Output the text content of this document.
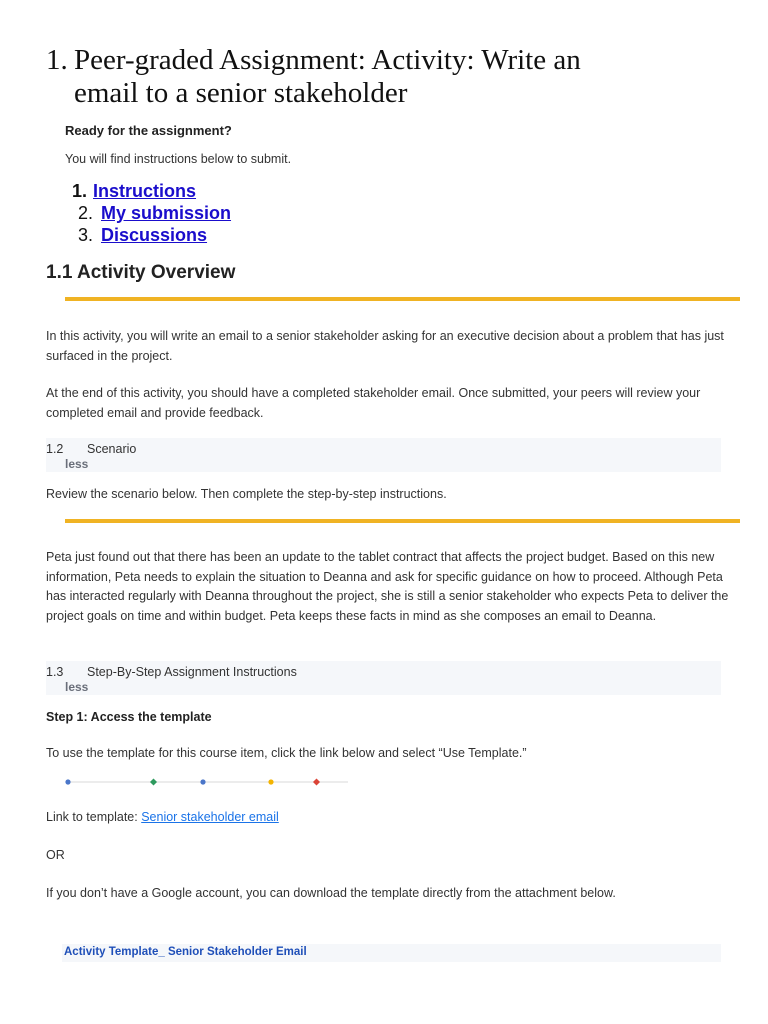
1. Peer-graded Assignment: Activity: Write an
email to a senior stakeholder
Ready for the assignment?
You will find instructions below to submit.
1. Instructions
2. My submission
3. Discussions
1.1 Activity Overview
In this activity, you will write an email to a senior stakeholder asking for an executive decision about a problem that has just surfaced in the project.
At the end of this activity, you should have a completed stakeholder email. Once submitted, your peers will review your completed email and provide feedback.
1.2 Scenario
less
Review the scenario below. Then complete the step-by-step instructions.
Peta just found out that there has been an update to the tablet contract that affects the project budget. Based on this new information, Peta needs to explain the situation to Deanna and ask for specific guidance on how to proceed. Although Peta has interacted regularly with Deanna throughout the project, she is still a senior stakeholder who expects Peta to deliver the project goals on time and within budget. Peta keeps these facts in mind as she composes an email to Deanna.
1.3 Step-By-Step Assignment Instructions
less
Step 1: Access the template
To use the template for this course item, click the link below and select “Use Template.”
Link to template: Senior stakeholder email
OR
If you don’t have a Google account, you can download the template directly from the attachment below.
Activity Template_ Senior Stakeholder Email
